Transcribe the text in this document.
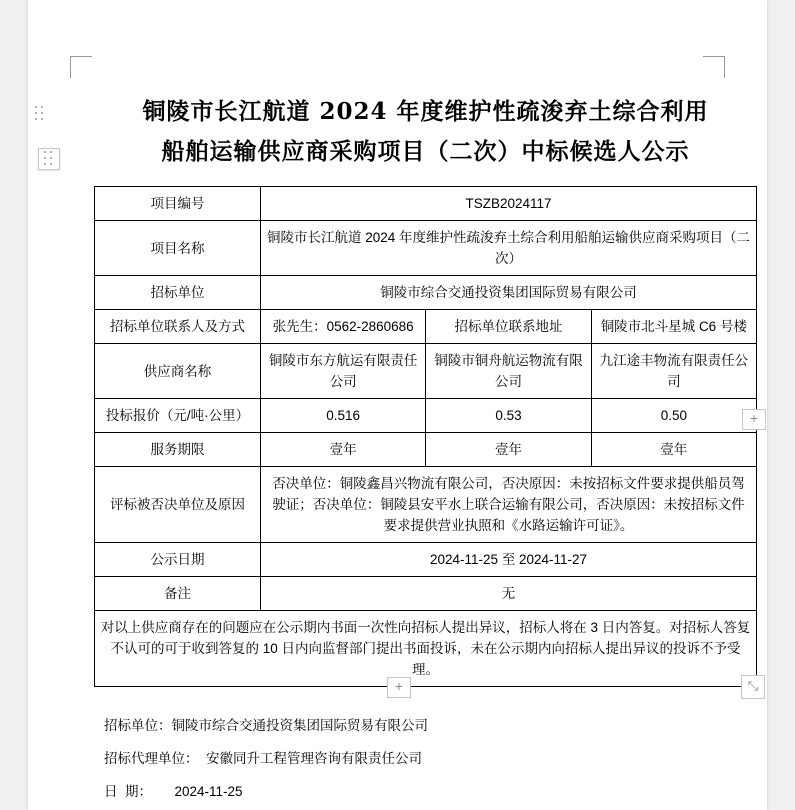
铜陵市长江航道 2024 年度维护性疏浚弃土综合利用
船舶运输供应商采购项目（二次）中标候选人公示
项目编号	TSZB2024117		
项目名称	铜陵市长江航道 2024 年度维护性疏浚弃土综合利用船舶运输供应商采购项目（二次）		
招标单位	铜陵市综合交通投资集团国际贸易有限公司		
招标单位联系人及方式	张先生：0562-2860686	招标单位联系地址	铜陵市北斗星城 C6 号楼
供应商名称	铜陵市东方航运有限责任公司	铜陵市铜舟航运物流有限公司	九江途丰物流有限责任公司
投标报价（元/吨·公里）	0.516	0.53	0.50
服务期限	壹年	壹年	壹年
评标被否决单位及原因	否决单位：铜陵鑫昌兴物流有限公司，否决原因：未按招标文件要求提供船员驾驶证；否决单位：铜陵县安平水上联合运输有限公司，否决原因：未按招标文件要求提供营业执照和《水路运输许可证》。		
公示日期	2024-11-25 至 2024-11-27		
备注	无		
对以上供应商存在的问题应在公示期内书面一次性向招标人提出异议，招标人将在 3 日内答复。对招标人答复不认可的可于收到答复的 10 日内向监督部门提出书面投诉，未在公示期内向招标人提出异议的投诉不予受理。			
招标单位：铜陵市综合交通投资集团国际贸易有限公司
招标代理单位：  安徽同升工程管理咨询有限责任公司
日  期：      2024-11-25
+
+	⤡
